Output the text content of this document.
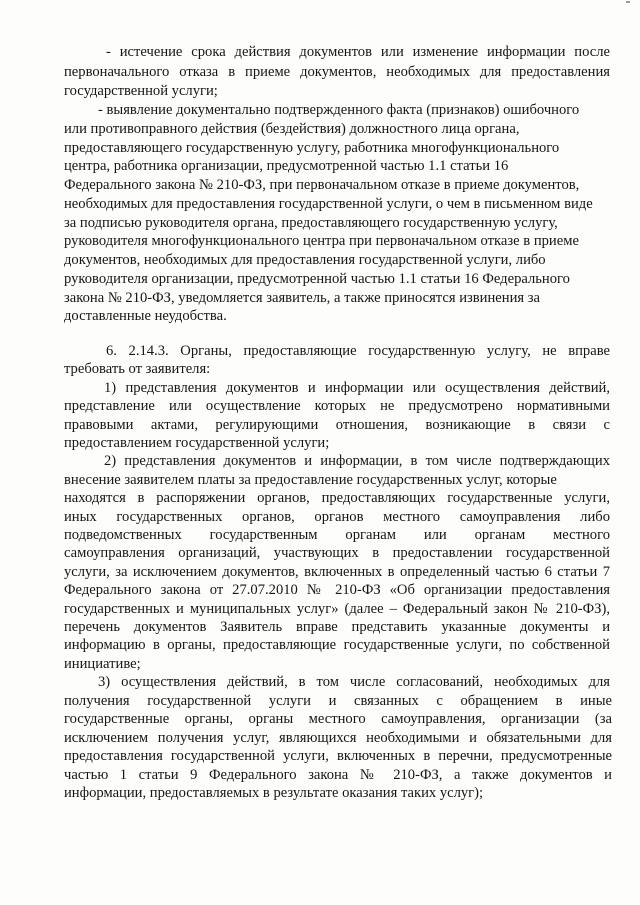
- истечение срока действия документов или изменение информации после

первоначального отказа в приеме документов, необходимых для предоставления

государственной услуги;

- выявление документально подтвержденного факта (признаков) ошибочного

или противоправного действия (бездействия) должностного лица органа,

предоставляющего государственную услугу, работника многофункционального

центра, работника организации, предусмотренной частью 1.1 статьи 16

Федерального закона № 210-ФЗ, при первоначальном отказе в приеме документов,

необходимых для предоставления государственной услуги, о чем в письменном виде

за подписью руководителя органа, предоставляющего государственную услугу,

руководителя многофункционального центра при первоначальном отказе в приеме

документов, необходимых для предоставления государственной услуги, либо

руководителя организации, предусмотренной частью 1.1 статьи 16 Федерального

закона № 210-ФЗ, уведомляется заявитель, а также приносятся извинения за

доставленные неудобства.

6. 2.14.3. Органы, предоставляющие государственную услугу, не вправе

требовать от заявителя:

1) представления документов и информации или осуществления действий,

представление или осуществление которых не предусмотрено нормативными

правовыми актами, регулирующими отношения, возникающие в связи с

предоставлением государственной услуги;

2) представления документов и информации, в том числе подтверждающих

внесение заявителем платы за предоставление государственных услуг, которые

находятся в распоряжении органов, предоставляющих государственные услуги,

иных государственных органов, органов местного самоуправления либо

подведомственных государственным органам или органам местного

самоуправления организаций, участвующих в предоставлении государственной

услуги, за исключением документов, включенных в определенный частью 6 статьи 7

Федерального закона от 27.07.2010 № 210-ФЗ «Об организации предоставления

государственных и муниципальных услуг» (далее – Федеральный закон № 210-ФЗ),

перечень документов Заявитель вправе представить указанные документы и

информацию в органы, предоставляющие государственные услуги, по собственной

инициативе;

3) осуществления действий, в том числе согласований, необходимых для

получения государственной услуги и связанных с обращением в иные

государственные органы, органы местного самоуправления, организации (за

исключением получения услуг, являющихся необходимыми и обязательными для

предоставления государственной услуги, включенных в перечни, предусмотренные

частью 1 статьи 9 Федерального закона № 210-ФЗ, а также документов и

информации, предоставляемых в результате оказания таких услуг);
